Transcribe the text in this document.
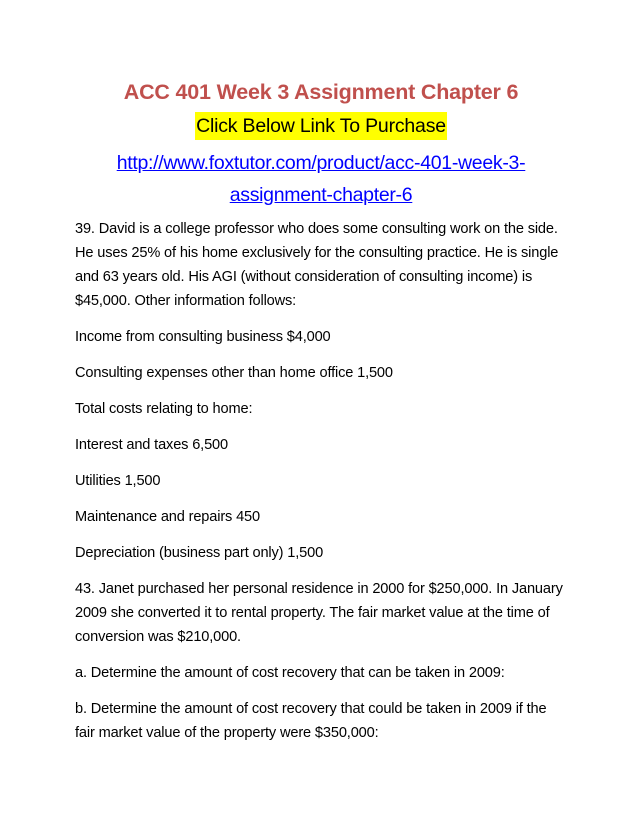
ACC 401 Week 3 Assignment Chapter 6
Click Below Link To Purchase
http://www.foxtutor.com/product/acc-401-week-3-
assignment-chapter-6

39. David is a college professor who does some consulting work on the side. He uses 25% of his home exclusively for the consulting practice. He is single and 63 years old. His AGI (without consideration of consulting income) is $45,000. Other information follows:

Income from consulting business $4,000

Consulting expenses other than home office 1,500

Total costs relating to home:

Interest and taxes 6,500

Utilities 1,500

Maintenance and repairs 450

Depreciation (business part only) 1,500

43. Janet purchased her personal residence in 2000 for $250,000. In January 2009 she converted it to rental property. The fair market value at the time of conversion was $210,000.

a. Determine the amount of cost recovery that can be taken in 2009:

b. Determine the amount of cost recovery that could be taken in 2009 if the fair market value of the property were $350,000:
